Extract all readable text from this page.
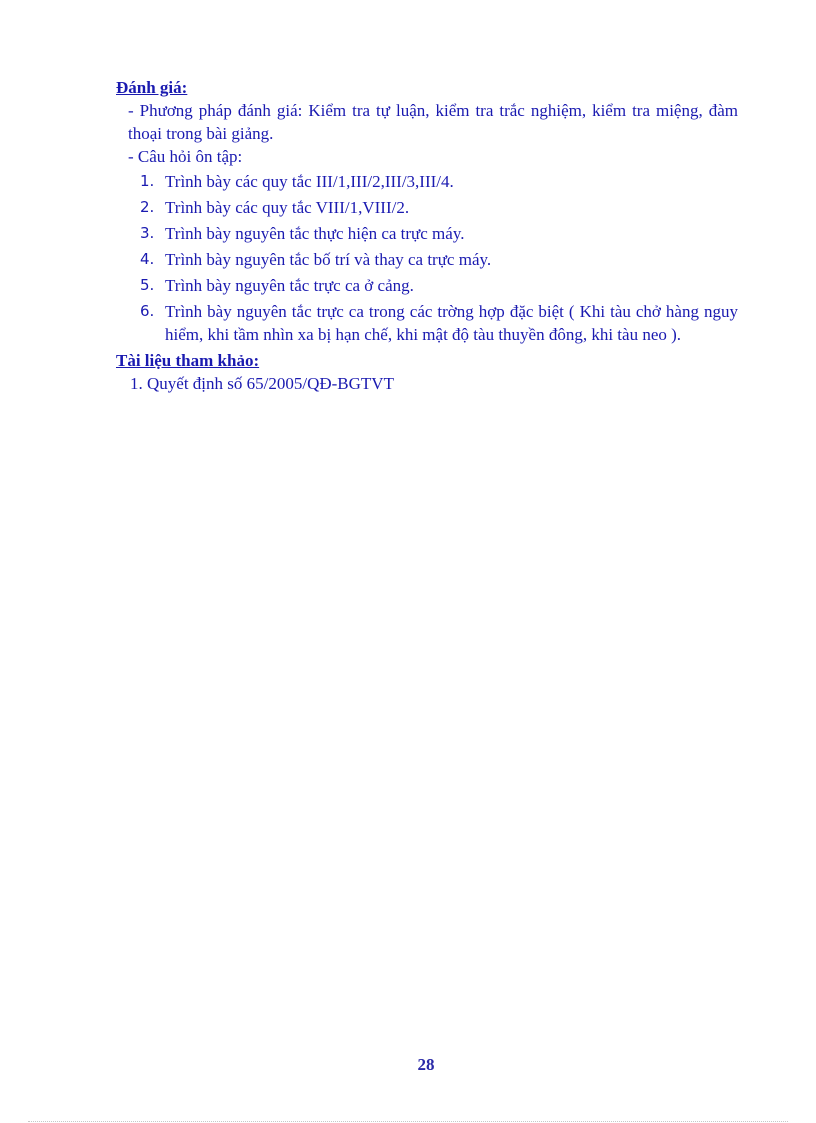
Đánh giá:

- Phương pháp đánh giá: Kiểm tra tự luận, kiểm tra trắc nghiệm, kiểm tra miệng, đàm thoại trong bài giảng.

- Câu hỏi ôn tập:

1. Trình bày các quy tắc III/1,III/2,III/3,III/4.
2. Trình bày các quy tắc VIII/1,VIII/2.
3. Trình bày nguyên tắc thực hiện ca trực máy.
4. Trình bày nguyên tắc bố trí và thay ca trực máy.
5. Trình bày nguyên tắc trực ca ở cảng.
6. Trình bày nguyên tắc trực ca trong các trờng hợp đặc biệt ( Khi tàu chở hàng nguy hiểm, khi tầm nhìn xa bị hạn chế, khi mật độ tàu thuyền đông, khi tàu neo ).

Tài liệu tham khảo:

1. Quyết định số 65/2005/QĐ-BGTVT

28
